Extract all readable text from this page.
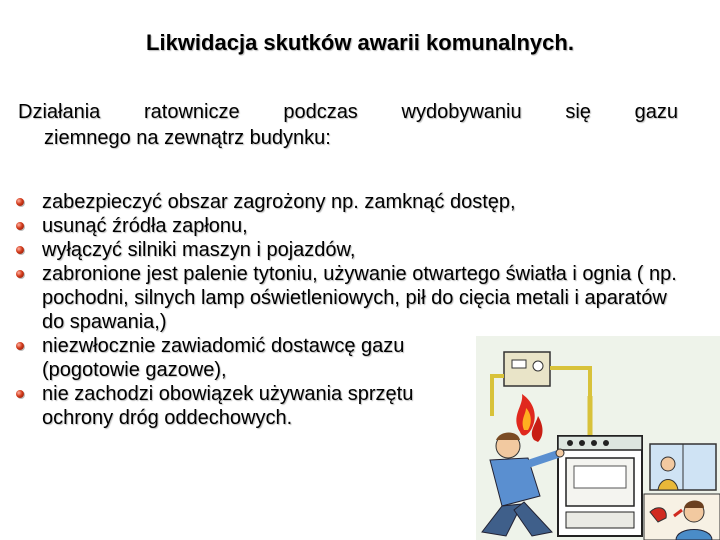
Likwidacja skutków awarii komunalnych.
Działania ratownicze podczas wydobywaniu się gazu
ziemnego na zewnątrz budynku:
zabezpieczyć obszar zagrożony np. zamknąć dostęp,
usunąć źródła zapłonu,
wyłączyć silniki maszyn i pojazdów,
zabronione jest palenie tytoniu, używanie otwartego światła i ognia ( np. pochodni, silnych lamp oświetleniowych, pił do cięcia metali i aparatów do spawania,)
niezwłocznie zawiadomić dostawcę gazu (pogotowie gazowe),
nie zachodzi obowiązek używania sprzętu ochrony dróg oddechowych.
